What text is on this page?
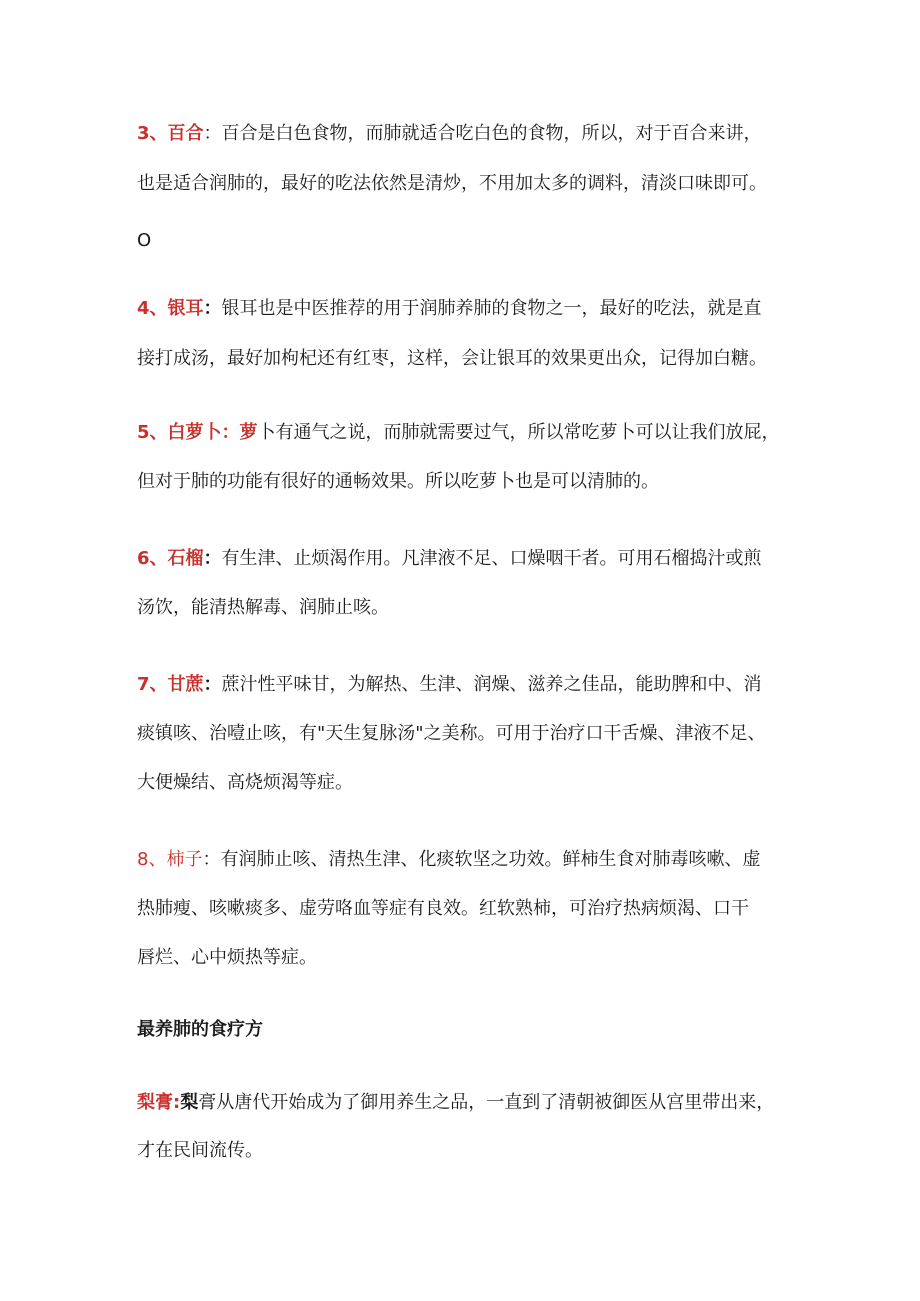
3、百合：百合是白色食物，而肺就适合吃白色的食物，所以，对于百合来讲，

也是适合润肺的，最好的吃法依然是清炒，不用加太多的调料，清淡口味即可。

O

4、银耳：银耳也是中医推荐的用于润肺养肺的食物之一，最好的吃法，就是直

接打成汤，最好加枸杞还有红枣，这样，会让银耳的效果更出众，记得加白糖。

5、白萝卜：萝卜有通气之说，而肺就需要过气，所以常吃萝卜可以让我们放屁，

但对于肺的功能有很好的通畅效果。所以吃萝卜也是可以清肺的。

6、石榴：有生津、止烦渴作用。凡津液不足、口燥咽干者。可用石榴捣汁或煎

汤饮，能清热解毒、润肺止咳。

7、甘蔗：蔗汁性平味甘，为解热、生津、润燥、滋养之佳品，能助脾和中、消

痰镇咳、治噎止咳，有"天生复脉汤"之美称。可用于治疗口干舌燥、津液不足、

大便燥结、高烧烦渴等症。

8、柿子：有润肺止咳、清热生津、化痰软坚之功效。鲜柿生食对肺毒咳嗽、虚

热肺瘦、咳嗽痰多、虚劳咯血等症有良效。红软熟柿，可治疗热病烦渴、口干

唇烂、心中烦热等症。

最养肺的食疗方

梨膏:梨膏从唐代开始成为了御用养生之品，一直到了清朝被御医从宫里带出来，

才在民间流传。
